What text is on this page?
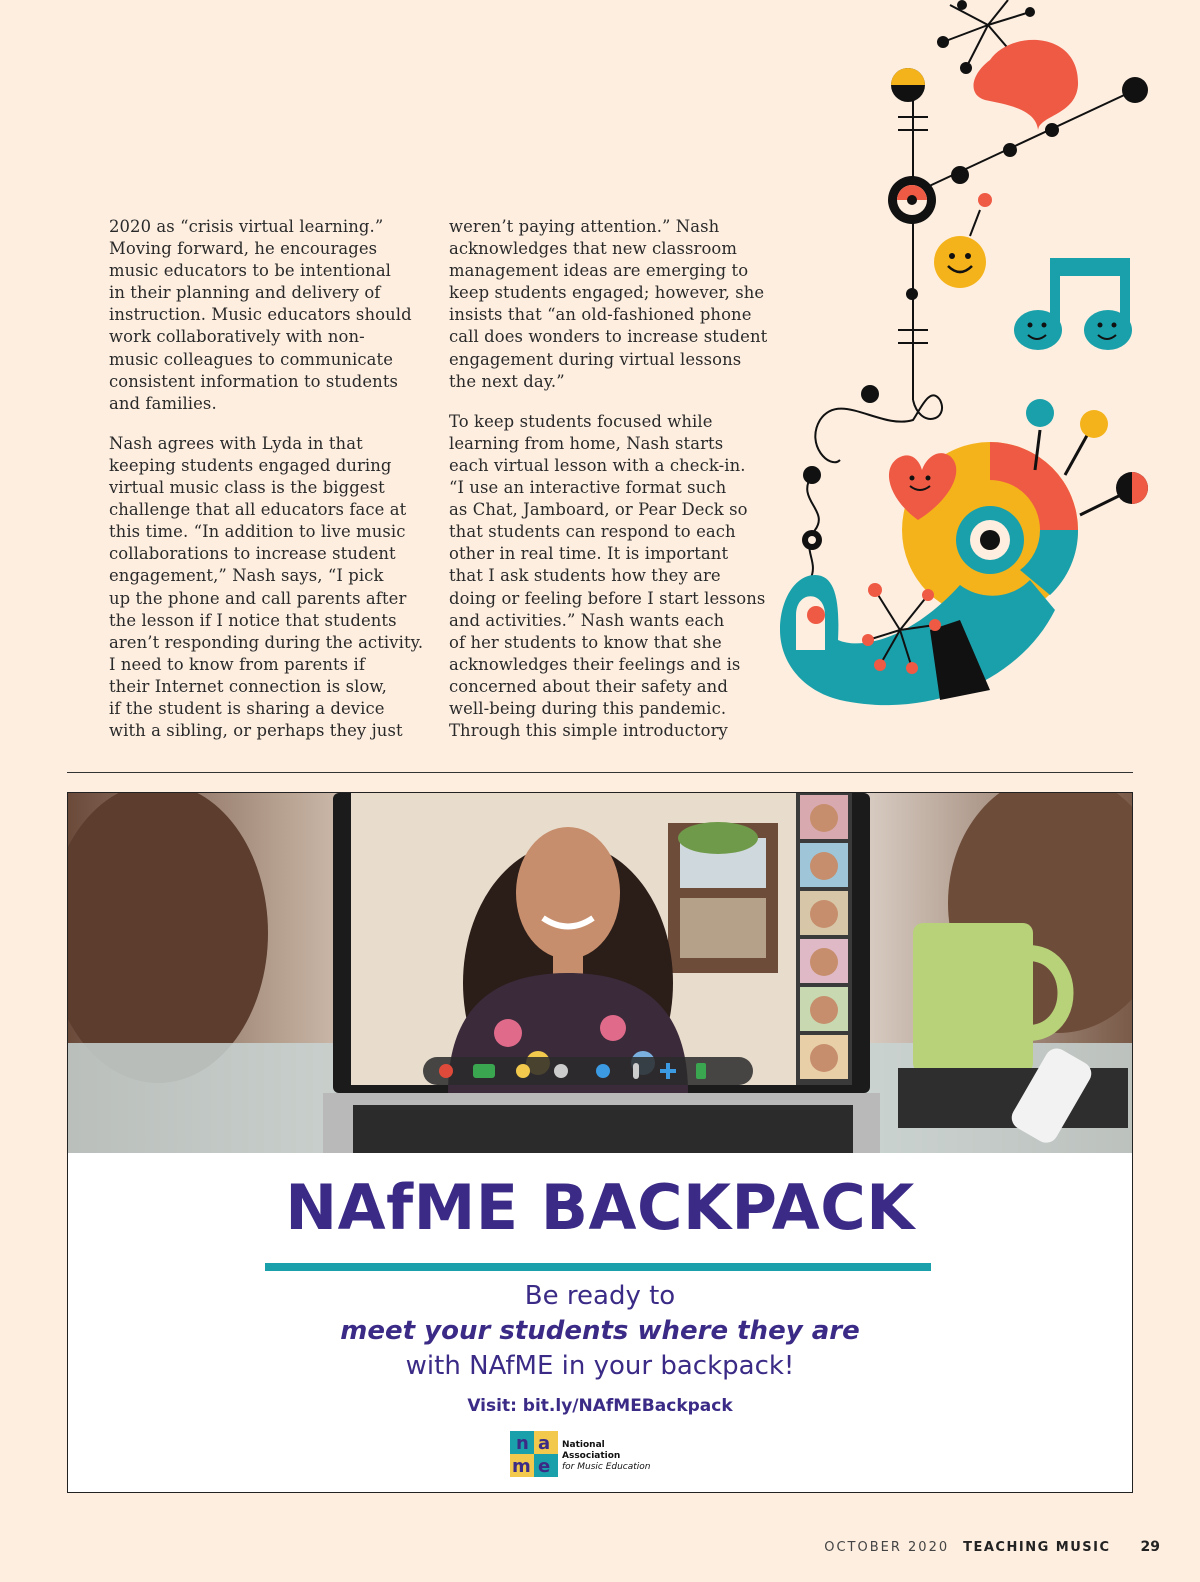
2020 as “crisis virtual learning.”
Moving forward, he encourages
music educators to be intentional
in their planning and delivery of
instruction. Music educators should
work collaboratively with non-
music colleagues to communicate
consistent information to students
and families.

Nash agrees with Lyda in that
keeping students engaged during
virtual music class is the biggest
challenge that all educators face at
this time. “In addition to live music
collaborations to increase student
engagement,” Nash says, “I pick
up the phone and call parents after
the lesson if I notice that students
aren’t responding during the activity.
I need to know from parents if
their Internet connection is slow,
if the student is sharing a device
with a sibling, or perhaps they just

weren’t paying attention.” Nash
acknowledges that new classroom
management ideas are emerging to
keep students engaged; however, she
insists that “an old-fashioned phone
call does wonders to increase student
engagement during virtual lessons
the next day.”

To keep students focused while
learning from home, Nash starts
each virtual lesson with a check-in.
“I use an interactive format such
as Chat, Jamboard, or Pear Deck so
that students can respond to each
other in real time. It is important
that I ask students how they are
doing or feeling before I start lessons
and activities.” Nash wants each
of her students to know that she
acknowledges their feelings and is
concerned about their safety and
well-being during this pandemic.
Through this simple introductory

NAfME BACKPACK
Be ready to
meet your students where they are
with NAfME in your backpack!
Visit: bit.ly/NAfMEBackpack
n a
m e
National Association
for Music Education
OCTOBER 2020 TEACHING MUSIC 29
